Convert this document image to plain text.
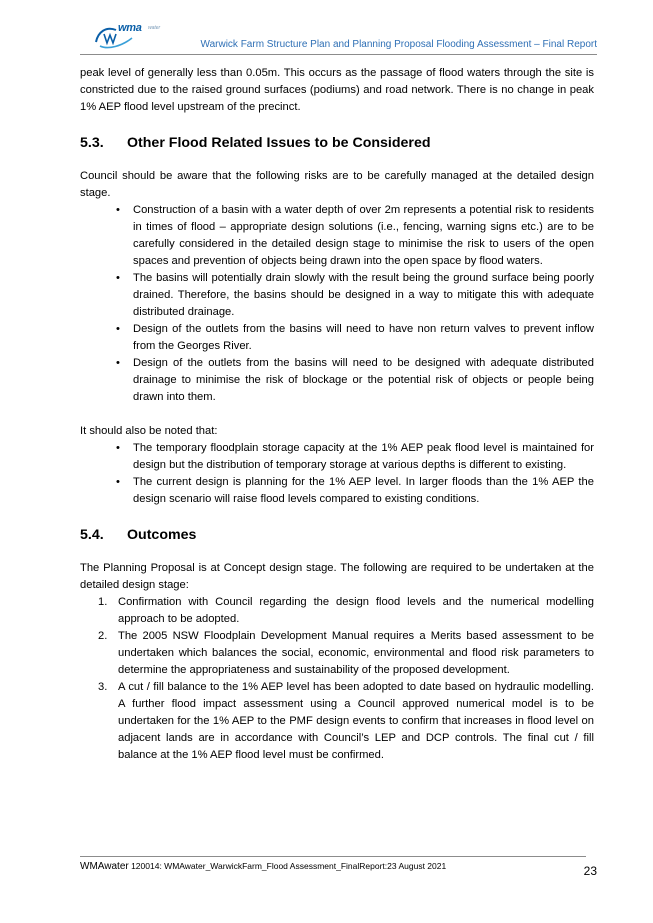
wma water
Warwick Farm Structure Plan and Planning Proposal Flooding Assessment – Final Report

peak level of generally less than 0.05m. This occurs as the passage of flood waters through the site is constricted due to the raised ground surfaces (podiums) and road network. There is no change in peak 1% AEP flood level upstream of the precinct.

5.3.	Other Flood Related Issues to be Considered

Council should be aware that the following risks are to be carefully managed at the detailed design stage.

• Construction of a basin with a water depth of over 2m represents a potential risk to residents in times of flood – appropriate design solutions (i.e., fencing, warning signs etc.) are to be carefully considered in the detailed design stage to minimise the risk to users of the open spaces and prevention of objects being drawn into the open space by flood waters.
• The basins will potentially drain slowly with the result being the ground surface being poorly drained. Therefore, the basins should be designed in a way to mitigate this with adequate distributed drainage.
• Design of the outlets from the basins will need to have non return valves to prevent inflow from the Georges River.
• Design of the outlets from the basins will need to be designed with adequate distributed drainage to minimise the risk of blockage or the potential risk of objects or people being drawn into them.

It should also be noted that:

• The temporary floodplain storage capacity at the 1% AEP peak flood level is maintained for design but the distribution of temporary storage at various depths is different to existing.
• The current design is planning for the 1% AEP level. In larger floods than the 1% AEP the design scenario will raise flood levels compared to existing conditions.
5.4.	Outcomes

The Planning Proposal is at Concept design stage. The following are required to be undertaken at the detailed design stage:

1. Confirmation with Council regarding the design flood levels and the numerical modelling approach to be adopted.
2. The 2005 NSW Floodplain Development Manual requires a Merits based assessment to be undertaken which balances the social, economic, environmental and flood risk parameters to determine the appropriateness and sustainability of the proposed development.
3. A cut / fill balance to the 1% AEP level has been adopted to date based on hydraulic modelling. A further flood impact assessment using a Council approved numerical model is to be undertaken for the 1% AEP to the PMF design events to confirm that increases in flood level on adjacent lands are in accordance with Council’s LEP and DCP controls. The final cut / fill balance at the 1% AEP flood level must be confirmed.
WMAwater 120014: WMAwater_WarwickFarm_Flood Assessment_FinalReport:23 August 2021	23
